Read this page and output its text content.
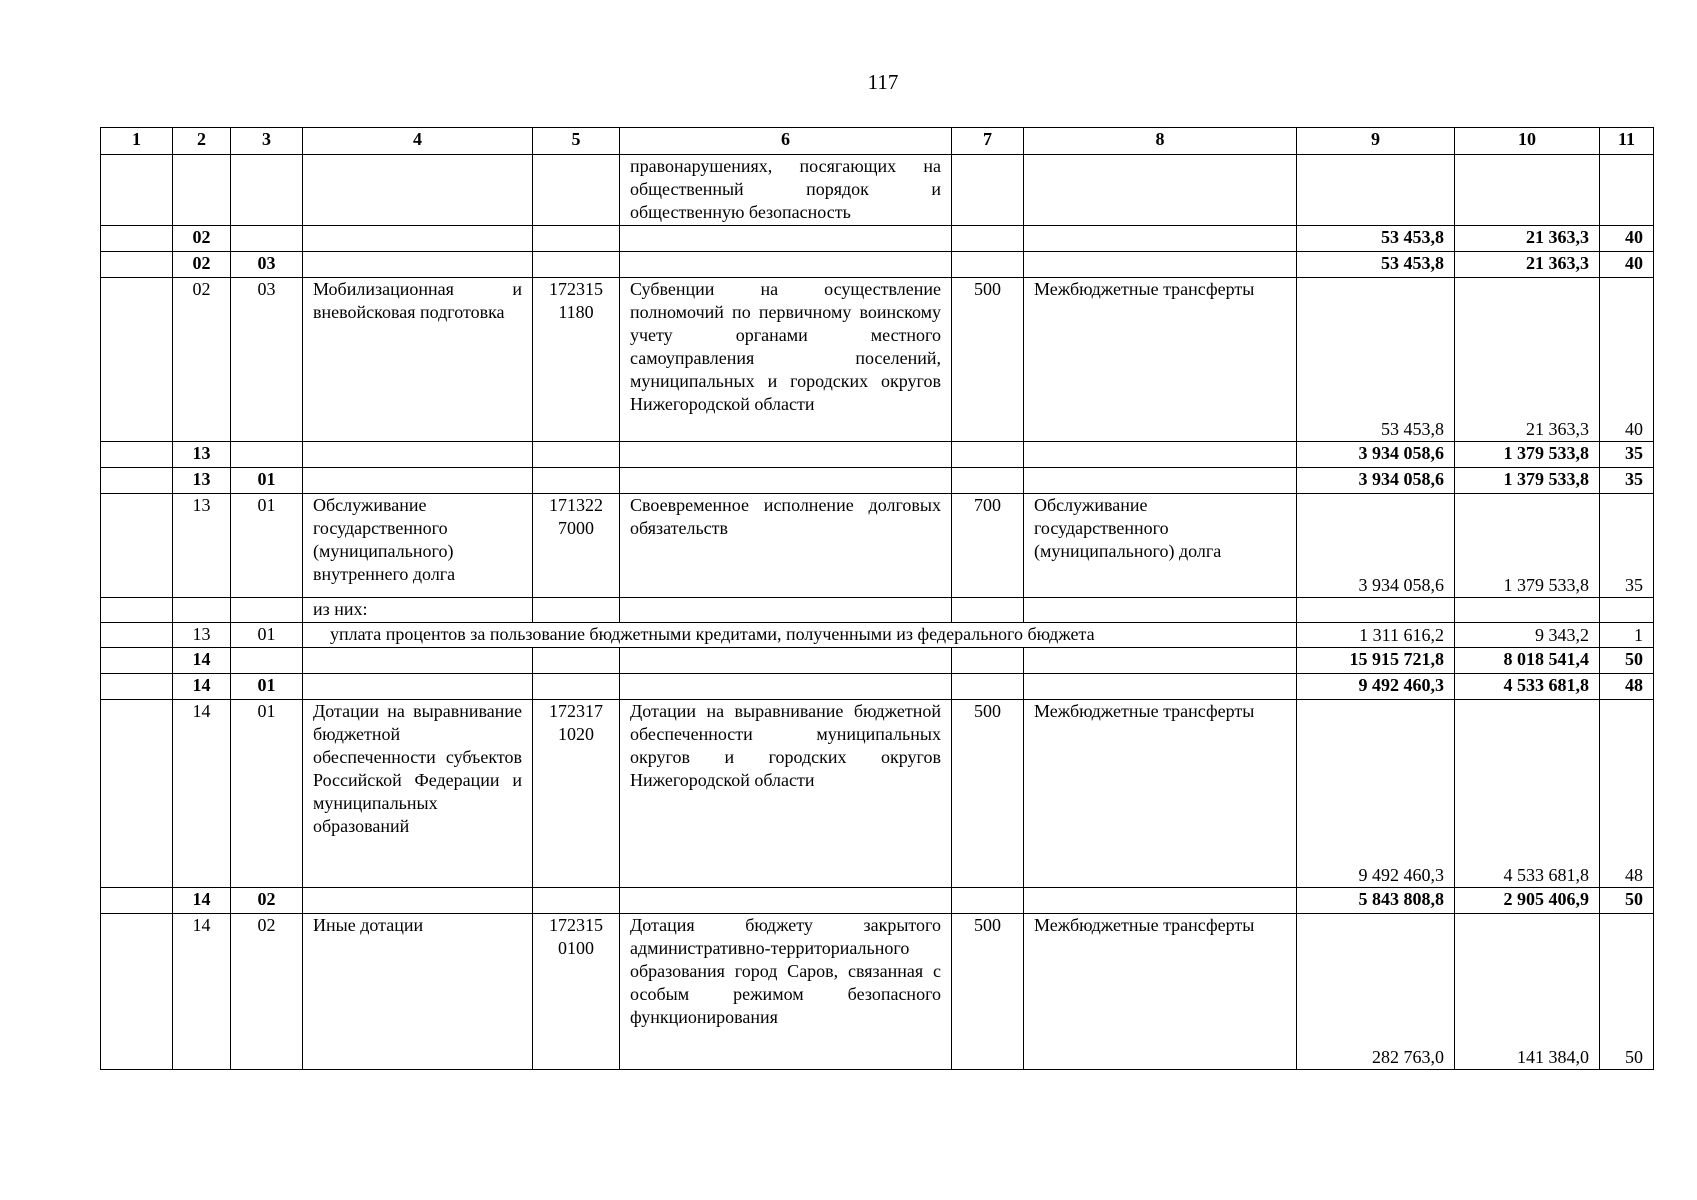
117
1	2	3	4	5	6	7	8	9	10	11
					правонарушениях, посягающих на общественный порядок и общественную безопасность					
	02							53 453,8	21 363,3	40
	02	03						53 453,8	21 363,3	40
	02	03	Мобилизационная и вневойсковая подготовка	172315 1180	Субвенции на осуществление полномочий по первичному воинскому учету органами местного самоуправления поселений, муниципальных и городских округов Нижегородской области	500	Межбюджетные трансферты	53 453,8	21 363,3	40
	13							3 934 058,6	1 379 533,8	35
	13	01						3 934 058,6	1 379 533,8	35
	13	01	Обслуживание государственного (муниципального) внутреннего долга	171322 7000	Своевременное исполнение долговых обязательств	700	Обслуживание государственного (муниципального) долга	3 934 058,6	1 379 533,8	35
			из них:							
	13	01	уплата процентов за пользование бюджетными кредитами, полученными из федерального бюджета					1 311 616,2	9 343,2	1
	14							15 915 721,8	8 018 541,4	50
	14	01						9 492 460,3	4 533 681,8	48
	14	01	Дотации на выравнивание бюджетной обеспеченности субъектов Российской Федерации и муниципальных образований	172317 1020	Дотации на выравнивание бюджетной обеспеченности муниципальных округов и городских округов Нижегородской области	500	Межбюджетные трансферты	9 492 460,3	4 533 681,8	48
	14	02						5 843 808,8	2 905 406,9	50
	14	02	Иные дотации	172315 0100	Дотация бюджету закрытого административно-территориального образования город Саров, связанная с особым режимом безопасного функционирования	500	Межбюджетные трансферты	282 763,0	141 384,0	50
